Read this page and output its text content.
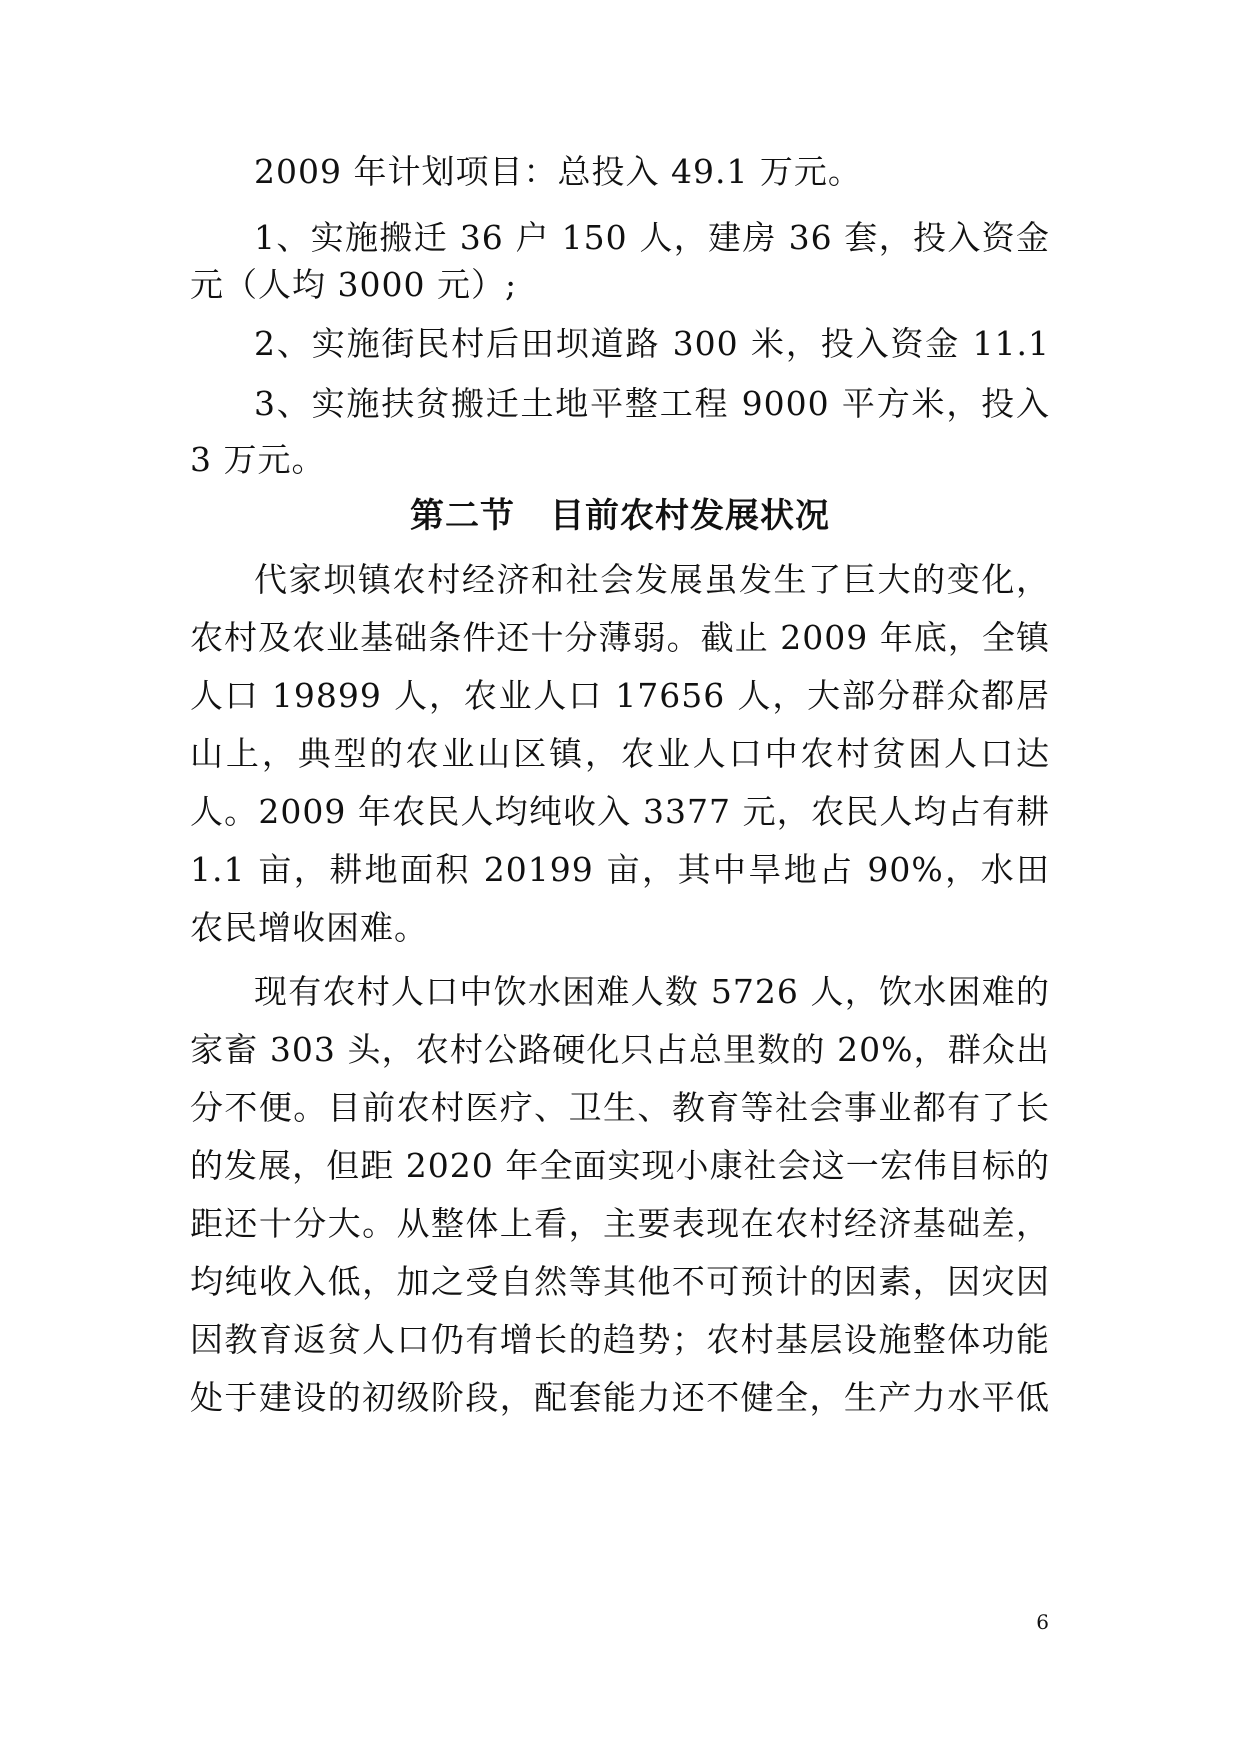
2009 年计划项目：总投入 49.1 万元。
1、实施搬迁 36 户 150 人，建房 36 套，投入资金
元（人均 3000 元）;
2、实施街民村后田坝道路 300 米，投入资金 11.1
3、实施扶贫搬迁土地平整工程 9000 平方米，投入
3 万元。
第二节　目前农村发展状况
代家坝镇农村经济和社会发展虽发生了巨大的变化，
农村及农业基础条件还十分薄弱。截止 2009 年底，全镇
人口 19899 人，农业人口 17656 人，大部分群众都居
山上，典型的农业山区镇，农业人口中农村贫困人口达
人。2009 年农民人均纯收入 3377 元，农民人均占有耕
1.1 亩，耕地面积 20199 亩，其中旱地占 90%，水田
农民增收困难。
现有农村人口中饮水困难人数 5726 人，饮水困难的
家畜 303 头，农村公路硬化只占总里数的 20%，群众出
分不便。目前农村医疗、卫生、教育等社会事业都有了长
的发展，但距 2020 年全面实现小康社会这一宏伟目标的
距还十分大。从整体上看，主要表现在农村经济基础差，
均纯收入低，加之受自然等其他不可预计的因素，因灾因
因教育返贫人口仍有增长的趋势；农村基层设施整体功能
处于建设的初级阶段，配套能力还不健全，生产力水平低
6
